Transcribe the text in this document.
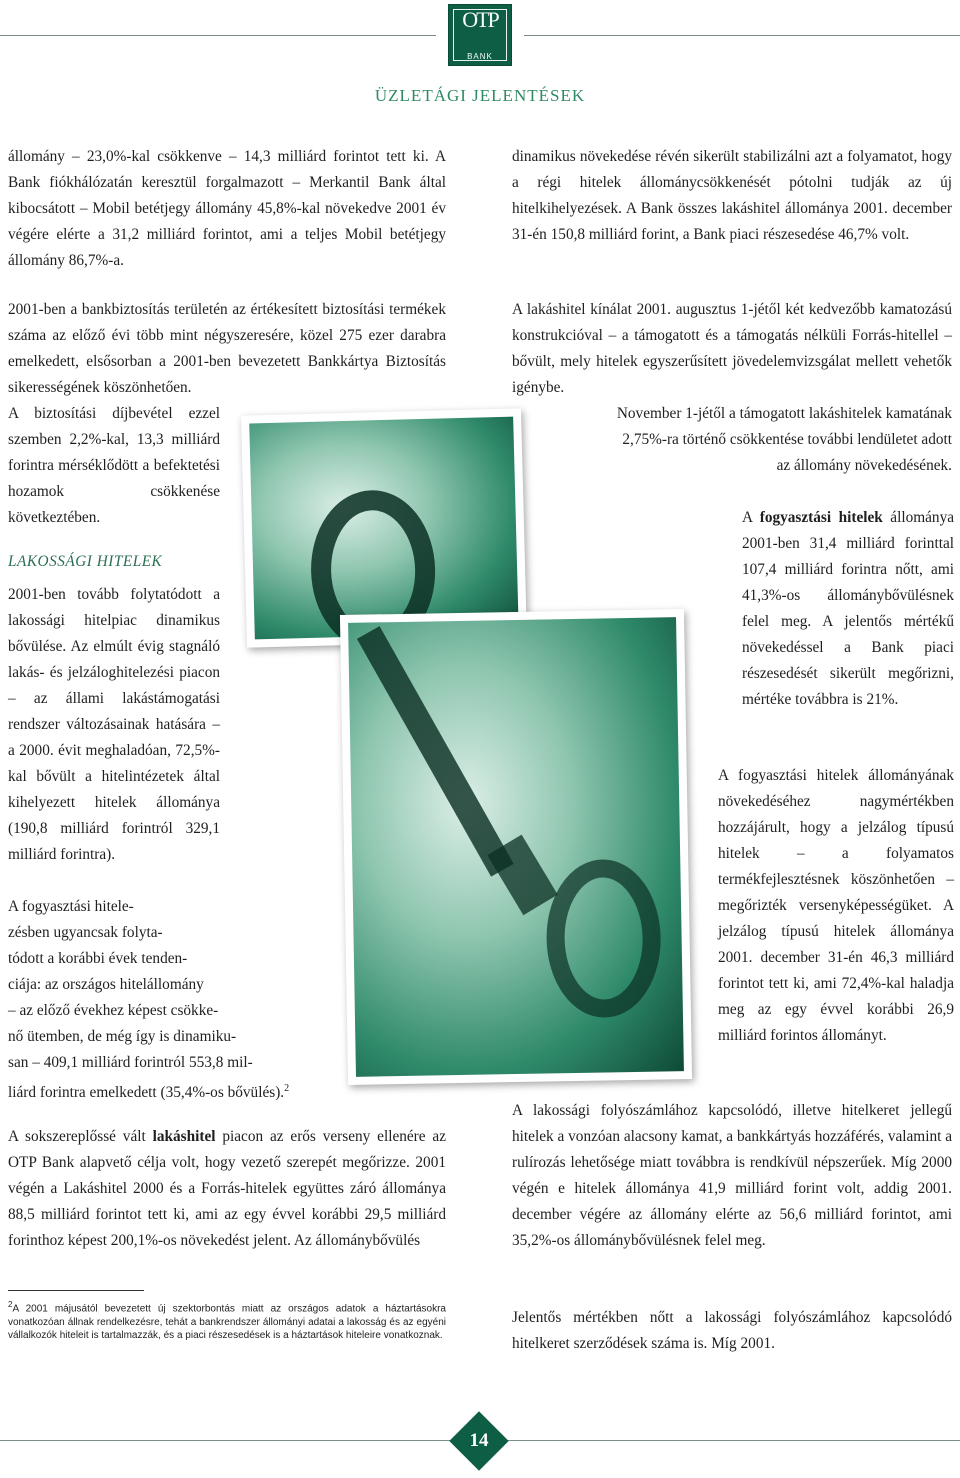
OTP
BANK
ÜZLETÁGI JELENTÉSEK

állomány – 23,0%-kal csökkenve – 14,3 milliárd forintot tett ki. A Bank fiókhálózatán keresztül forgalmazott – Merkantil Bank által kibocsátott – Mobil betétjegy állomány 45,8%-kal növekedve 2001 év végére elérte a 31,2 milliárd forintot, ami a teljes Mobil betétjegy állomány 86,7%-a.

2001-ben a bankbiztosítás területén az értékesített biztosítási termékek száma az előző évi több mint négyszeresére, közel 275 ezer darabra emelkedett, elsősorban a 2001-ben bevezetett Bankkártya Biztosítás sikerességének köszönhetően.

A biztosítási díjbevétel ezzel szemben 2,2%-kal, 13,3 milliárd forintra mérséklődött a befektetési hozamok csökkenése következtében.

LAKOSSÁGI HITELEK

2001-ben tovább folytatódott a lakossági hitelpiac dinamikus bővülése. Az elmúlt évig stagnáló lakás- és jelzáloghitelezési piacon – az állami lakástámogatási rendszer változásainak hatására – a 2000. évit meghaladóan, 72,5%-kal bővült a hitelintézetek által kihelyezett hitelek állománya (190,8 milliárd forintról 329,1 milliárd forintra).

A fogyasztási hitele-
zésben ugyancsak folyta-
tódott a korábbi évek tenden-
ciája: az országos hitelállomány
– az előző évekhez képest csökke-
nő ütemben, de még így is dinamiku-
san – 409,1 milliárd forintról 553,8 mil-
liárd forintra emelkedett (35,4%-os bővülés).$^2$

A sokszereplőssé vált lakáshitel piacon az erős verseny ellenére az OTP Bank alapvető célja volt, hogy vezető szerepét megőrizze. 2001 végén a Lakáshitel 2000 és a Forrás-hitelek együttes záró állománya 88,5 milliárd forintot tett ki, ami az egy évvel korábbi 29,5 milliárd forinthoz képest 200,1%-os növekedést jelent. Az állománybővülés

$^2$A 2001 májusától bevezetett új szektorbontás miatt az országos adatok a háztartásokra vonatkozóan állnak rendelkezésre, tehát a bankrendszer állományi adatai a lakosság és az egyéni vállalkozók hiteleit is tartalmazzák, és a piaci részesedések is a háztartások hiteleire vonatkoznak.

dinamikus növekedése révén sikerült stabilizálni azt a folyamatot, hogy a régi hitelek állománycsökkenését pótolni tudják az új hitelkihelyezések. A Bank összes lakáshitel állománya 2001. december 31-én 150,8 milliárd forint, a Bank piaci részesedése 46,7% volt.

A lakáshitel kínálat 2001. augusztus 1-jétől két kedvezőbb kamatozású konstrukcióval – a támogatott és a támogatás nélküli Forrás-hitellel – bővült, mely hitelek egyszerűsített jövedelemvizsgálat mellett vehetők igénybe.

November 1-jétől a támogatott lakáshitelek kamatának
2,75%-ra történő csökkentése további lendületet adott
az állomány növekedésének.

A fogyasztási hitelek állománya 2001-ben 31,4 milliárd forinttal 107,4 milliárd forintra nőtt, ami 41,3%-os állománybővülésnek felel meg. A jelentős mértékű növekedéssel a Bank piaci részesedését sikerült megőrizni, mértéke továbbra is 21%.

A fogyasztási hitelek állományának növekedéséhez nagymértékben hozzájárult, hogy a jelzálog típusú hitelek – a folyamatos termékfejlesztésnek köszönhetően – megőrizték versenyképességüket. A jelzálog típusú hitelek állománya 2001. december 31-én 46,3 milliárd forintot tett ki, ami 72,4%-kal haladja meg az egy évvel korábbi 26,9 milliárd forintos állományt.

A lakossági folyószámlához kapcsolódó, illetve hitelkeret jellegű hitelek a vonzóan alacsony kamat, a bankkártyás hozzáférés, valamint a rulírozás lehetősége miatt továbbra is rendkívül népszerűek. Míg 2000 végén e hitelek állománya 41,9 milliárd forint volt, addig 2001. december végére az állomány elérte az 56,6 milliárd forintot, ami 35,2%-os állománybővülésnek felel meg.

Jelentős mértékben nőtt a lakossági folyószámlához kapcsolódó hitelkeret szerződések száma is. Míg 2001.

14
